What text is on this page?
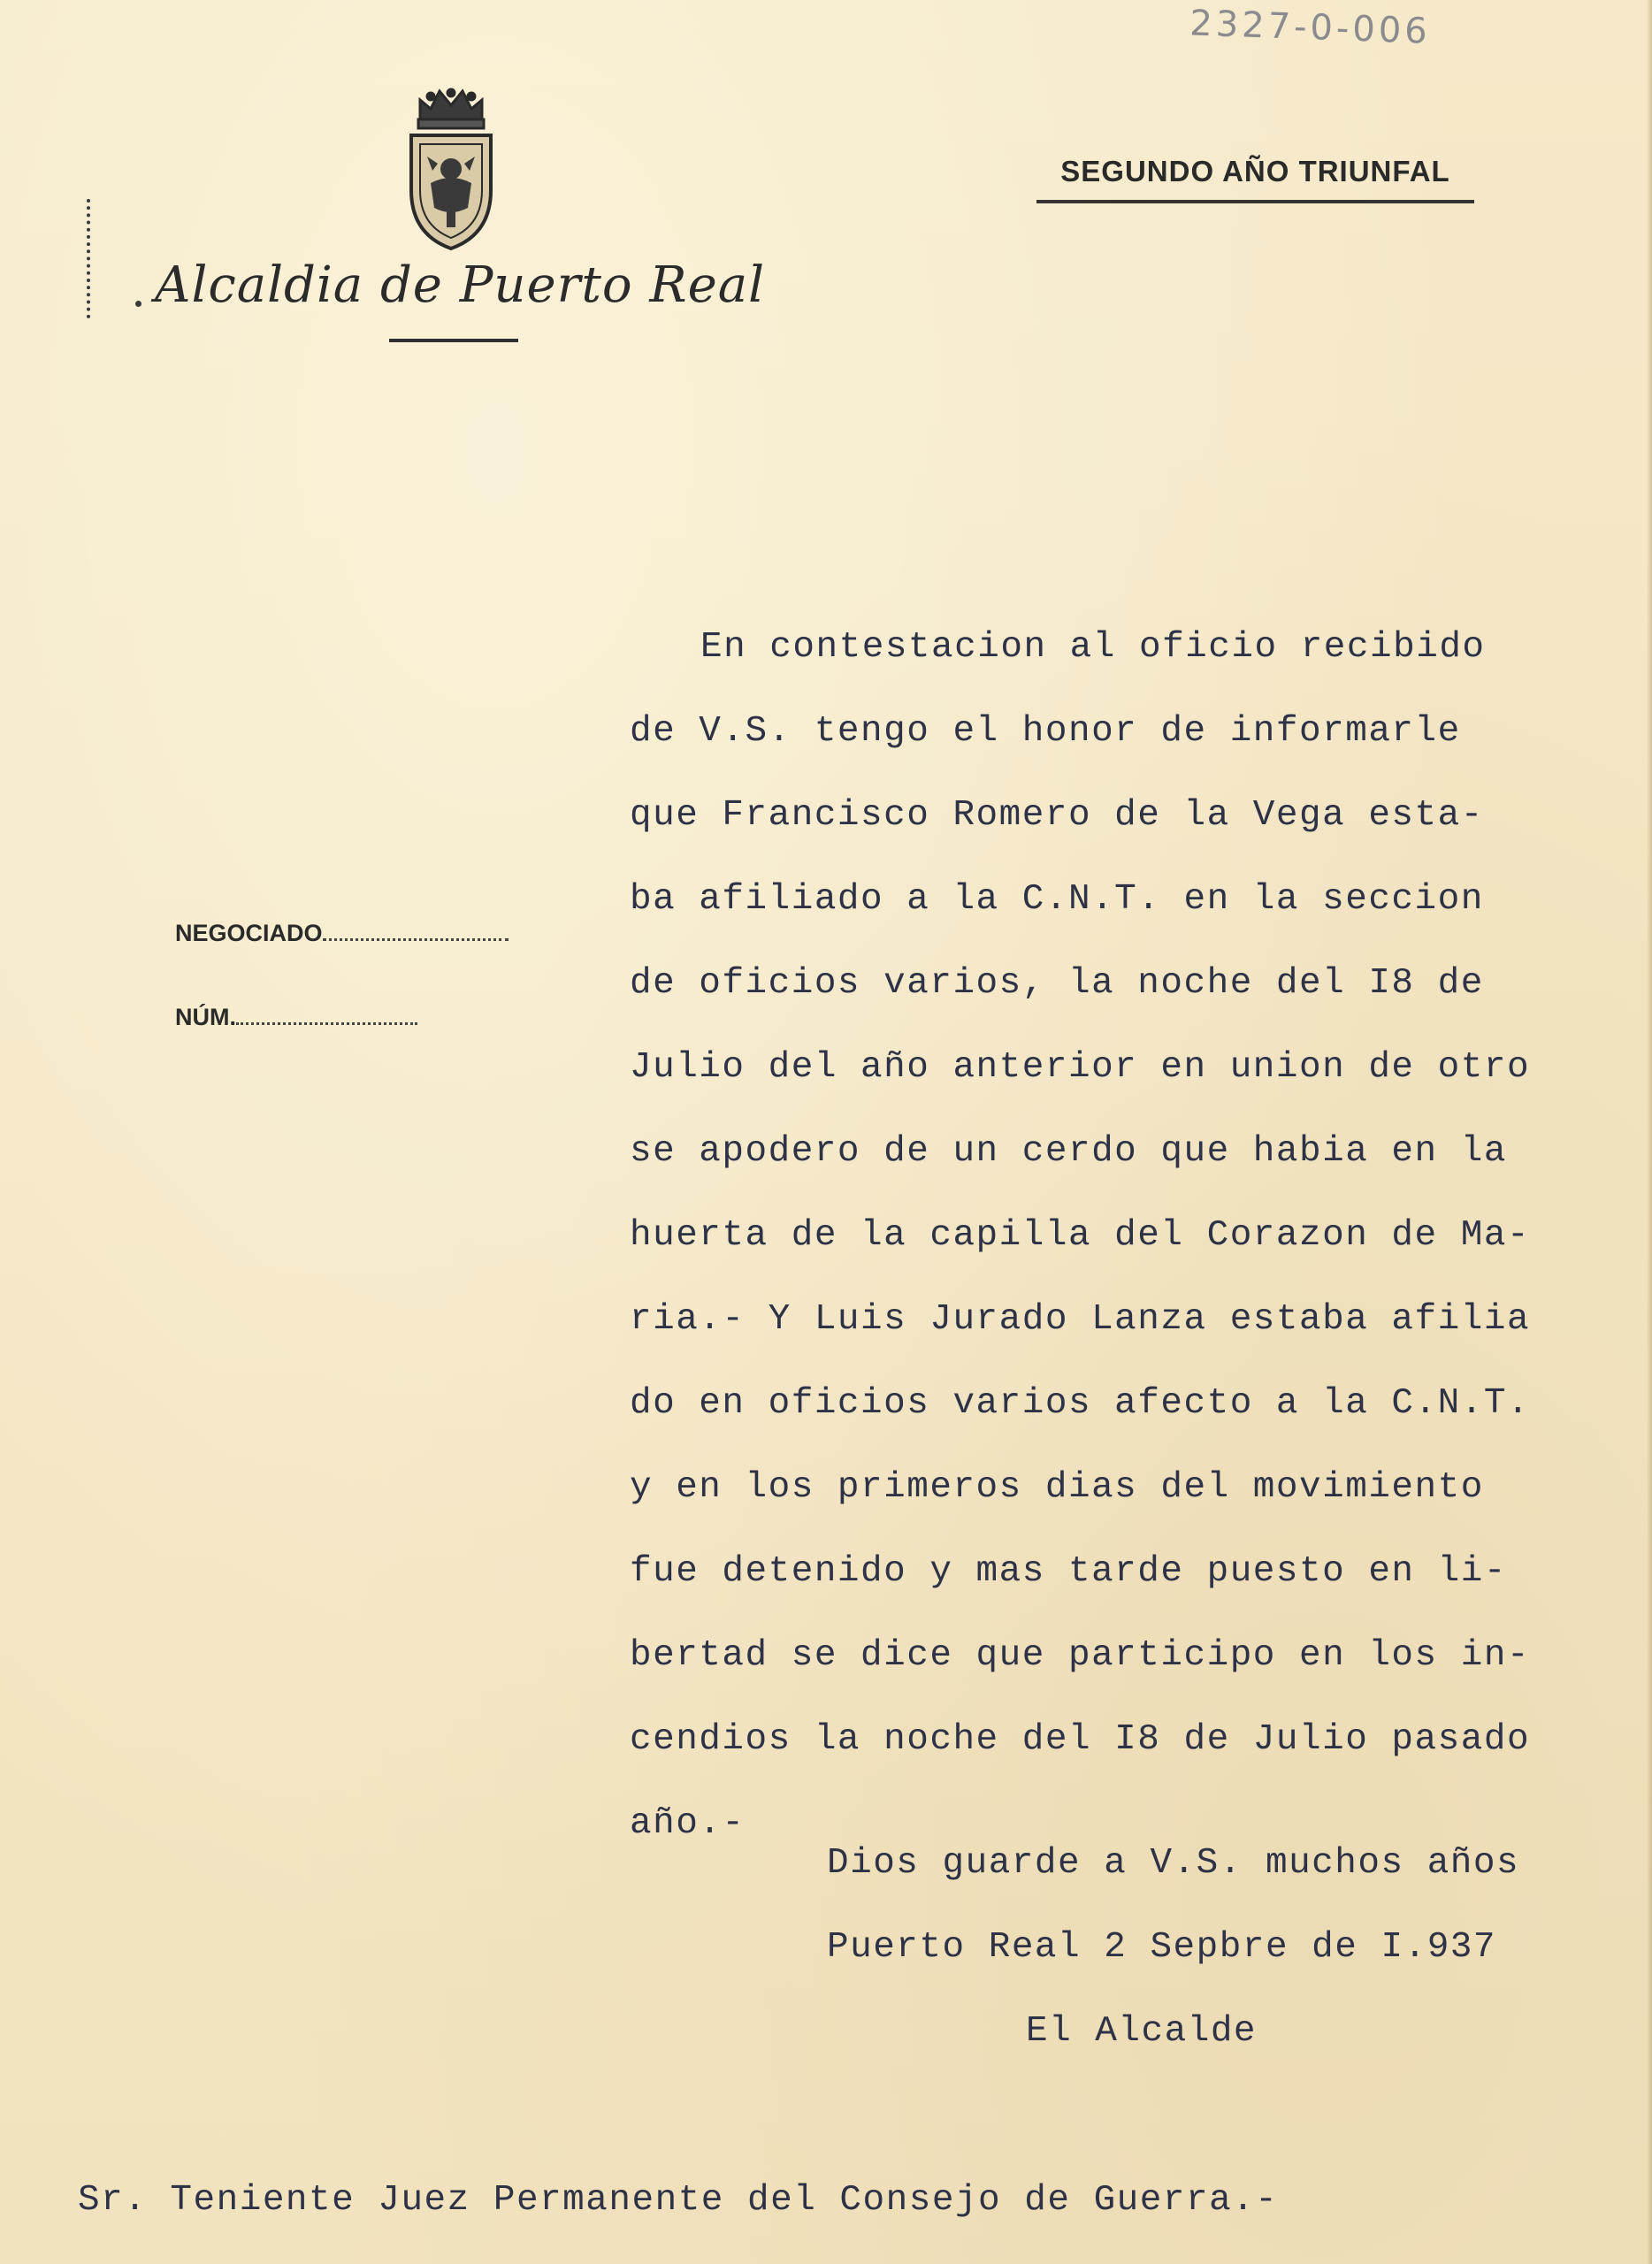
2327-0-006
Alcaldia de Puerto Real
SEGUNDO AÑO TRIUNFAL
NEGOCIADO
NÚM.
En contestacion al oficio recibido
de V.S. tengo el honor de informarle
que Francisco Romero de la Vega esta-
ba afiliado a la C.N.T. en la seccion
de oficios varios, la noche del I8 de
Julio del año anterior en union de otro
se apodero de un cerdo que habia en la
huerta de la capilla del Corazon de Ma-
ria.- Y Luis Jurado Lanza estaba afilia
do en oficios varios afecto a la C.N.T.
y en los primeros dias del movimiento
fue detenido y mas tarde puesto en li-
bertad se dice que participo en los in-
cendios la noche del I8 de Julio pasado
año.-
Dios guarde a V.S. muchos años
Puerto Real 2 Sepbre de I.937
El Alcalde
Sr. Teniente Juez Permanente del Consejo de Guerra.-
